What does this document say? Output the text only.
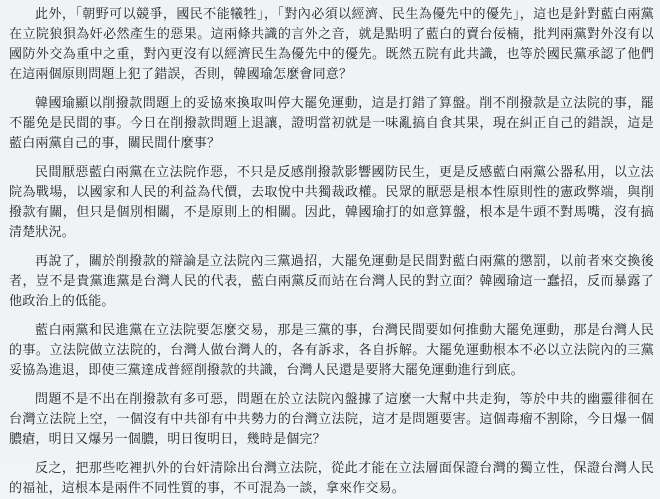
此外，「朝野可以競爭，國民不能犧牲」，「對內必須以經濟、民生為優先中的優先」，這也是針對藍白兩黨在立院狼狽為奸必然產生的惡果。這兩條共識的言外之音，就是點明了藍白的賣台佞楠，批判兩黨對外沒有以國防外交為重中之重，對內更沒有以經濟民生為優先中的優先。既然五院有此共識，也等於國民黨承認了他們在這兩個原則問題上犯了錯誤，否則，韓國瑜怎麼會同意？

韓國瑜顯以削撥款問題上的妥協來換取叫停大罷免運動，這是打錯了算盤。削不削撥款是立法院的事，罷不罷免是民間的事。今日在削撥款問題上退讓，證明當初就是一味亂搞自食其果，現在糾正自己的錯誤，這是藍白兩黨自己的事，關民間什麼事？

民間厭惡藍白兩黨在立法院作惡，不只是反感削撥款影響國防民生，更是反感藍白兩黨公器私用，以立法院為戰場，以國家和人民的利益為代價，去取悅中共獨裁政權。民眾的厭惡是根本性原則性的憲政弊端，與削撥款有關，但只是個別相關，不是原則上的相關。因此，韓國瑜打的如意算盤，根本是牛頭不對馬嘴，沒有搞清楚狀況。

再說了，關於削撥款的辯論是立法院內三黨過招，大罷免運動是民間對藍白兩黨的懲罰，以前者來交換後者，豈不是貴黨進黨是台灣人民的代表，藍白兩黨反而站在台灣人民的對立面？韓國瑜這一蠢招，反而暴露了他政治上的低能。

藍白兩黨和民進黨在立法院要怎麼交易，那是三黨的事，台灣民間要如何推動大罷免運動，那是台灣人民的事。立法院做立法院的，台灣人做台灣人的，各有訴求，各自拆解。大罷免運動根本不必以立法院內的三黨妥協為進退，即使三黨達成普經削撥款的共識，台灣人民還是要將大罷免運動進行到底。

問題不是不出在削撥款有多可惡，問題在於立法院內盤據了這麼一大幫中共走狗，等於中共的幽靈徘徊在台灣立法院上空，一個沒有中共卻有中共勢力的台灣立法院，這才是問題要害。這個毒瘤不割除，今日爆一個膿瘡，明日又爆另一個膿，明日復明日，幾時是個完？

反之，把那些吃裡扒外的台奸清除出台灣立法院，從此才能在立法層面保證台灣的獨立性，保證台灣人民的福祉，這根本是兩件不同性質的事，不可混為一談，拿來作交易。
